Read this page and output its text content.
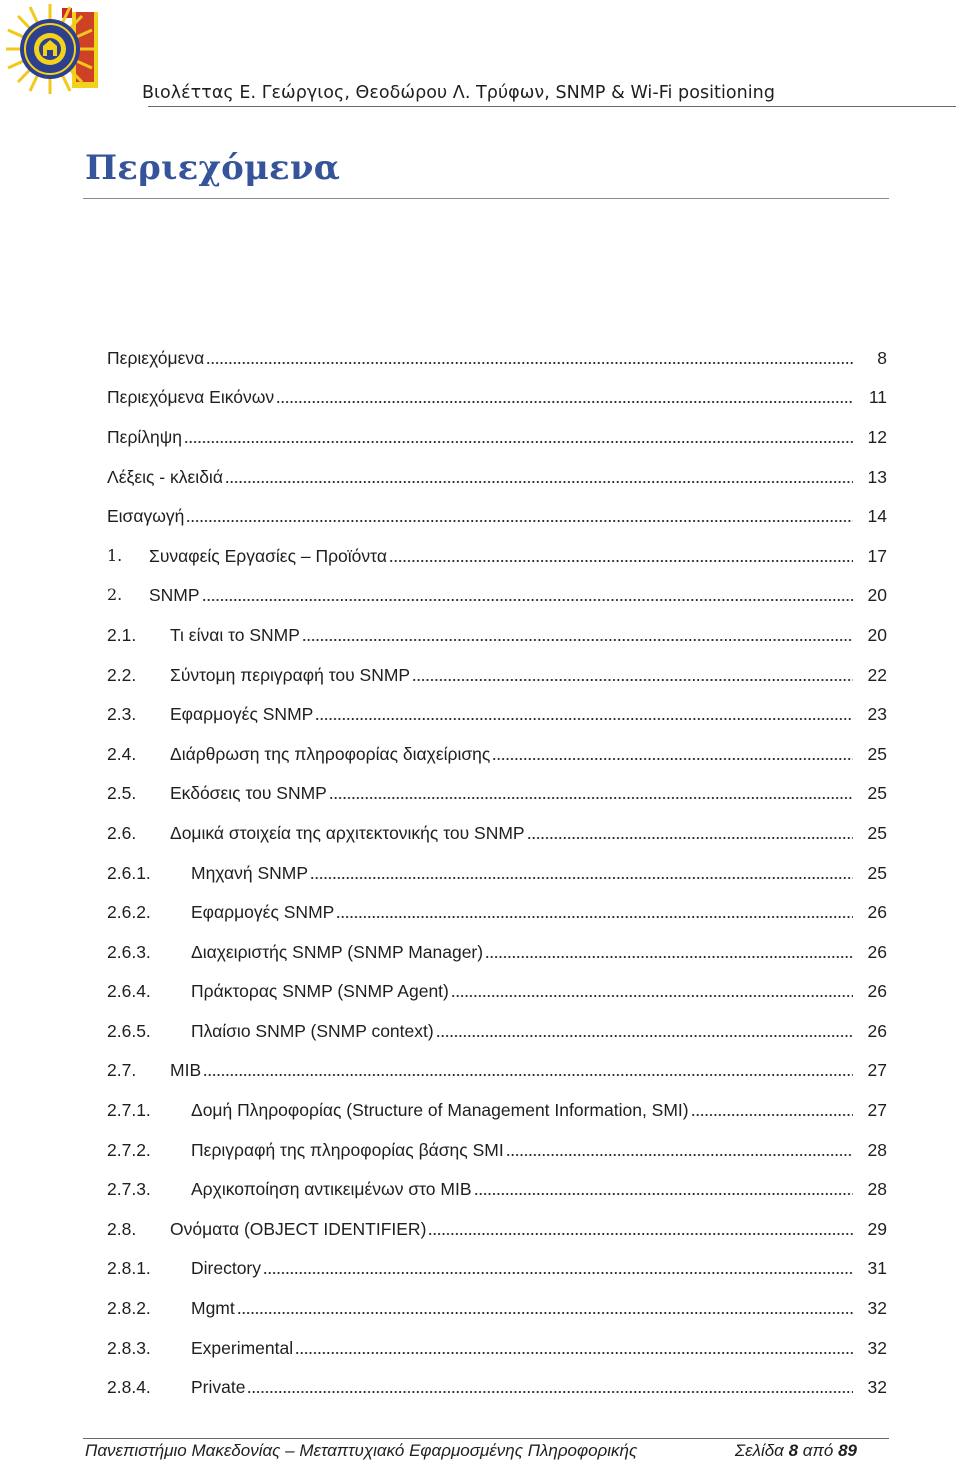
Βιολέττας Ε. Γεώργιος, Θεοδώρου Λ. Τρύφων, SNMP & Wi-Fi positioning
Περιεχόμενα
Περιεχόμενα	8
Περιεχόμενα Εικόνων	11
Περίληψη	12
Λέξεις - κλειδιά	13
Εισαγωγή	14
1.	Συναφείς Εργασίες – Προϊόντα	17
2.	SNMP	20
2.1.	Τι είναι το SNMP	20
2.2.	Σύντομη περιγραφή του SNMP	22
2.3.	Εφαρμογές SNMP	23
2.4.	Διάρθρωση της πληροφορίας διαχείρισης	25
2.5.	Εκδόσεις του SNMP	25
2.6.	Δομικά στοιχεία της αρχιτεκτονικής του SNMP	25
2.6.1.	Μηχανή SNMP	25
2.6.2.	Εφαρμογές SNMP	26
2.6.3.	Διαχειριστής SNMP (SNMP Manager)	26
2.6.4.	Πράκτορας SNMP (SNMP Agent)	26
2.6.5.	Πλαίσιο SNMP (SNMP context)	26
2.7.	MIB	27
2.7.1.	Δομή Πληροφορίας (Structure of Management Information, SMI)	27
2.7.2.	Περιγραφή της πληροφορίας βάσης SMI	28
2.7.3.	Αρχικοποίηση αντικειμένων στο MIB	28
2.8.	Ονόματα (OBJECT IDENTIFIER)	29
2.8.1.	Directory	31
2.8.2.	Mgmt	32
2.8.3.	Experimental	32
2.8.4.	Private	32
Πανεπιστήμιο Μακεδονίας – Μεταπτυχιακό Εφαρμοσμένης Πληροφορικής	Σελίδα 8 από 89
